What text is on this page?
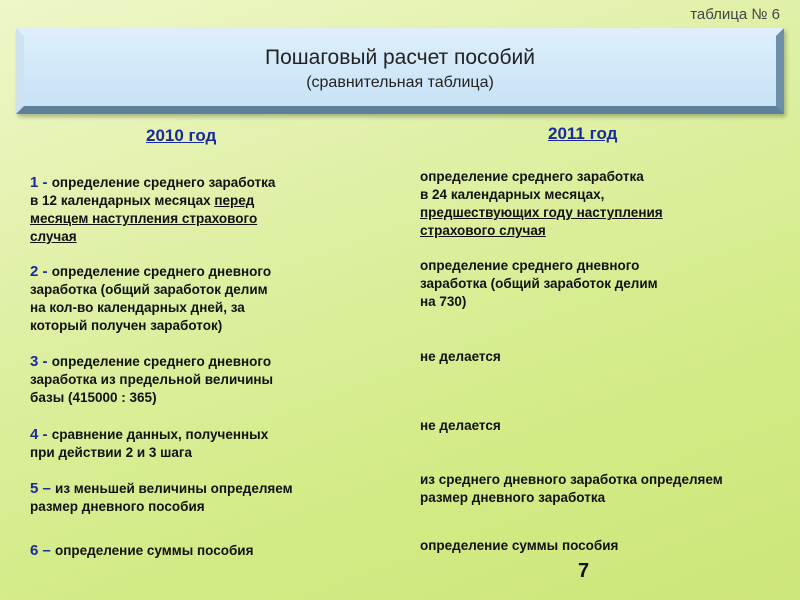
таблица № 6
Пошаговый расчет пособий
(сравнительная таблица)
2010 год	2011 год
1 - определение среднего заработка
в 12 календарных месяцах перед
месяцем наступления страхового
случая
2 - определение среднего дневного
заработка (общий заработок делим
на кол-во календарных дней, за
который получен заработок)
3 - определение среднего дневного
заработка из предельной величины
базы (415000 : 365)
4 - сравнение данных, полученных
при действии 2 и 3 шага
5 – из меньшей величины определяем
размер дневного пособия
6 – определение суммы пособия
определение среднего заработка
в 24 календарных месяцах,
предшествующих году наступления
страхового случая
определение среднего дневного
заработка (общий заработок делим
на 730)
не делается
не делается
из среднего дневного заработка определяем
размер дневного заработка
определение суммы пособия
7
